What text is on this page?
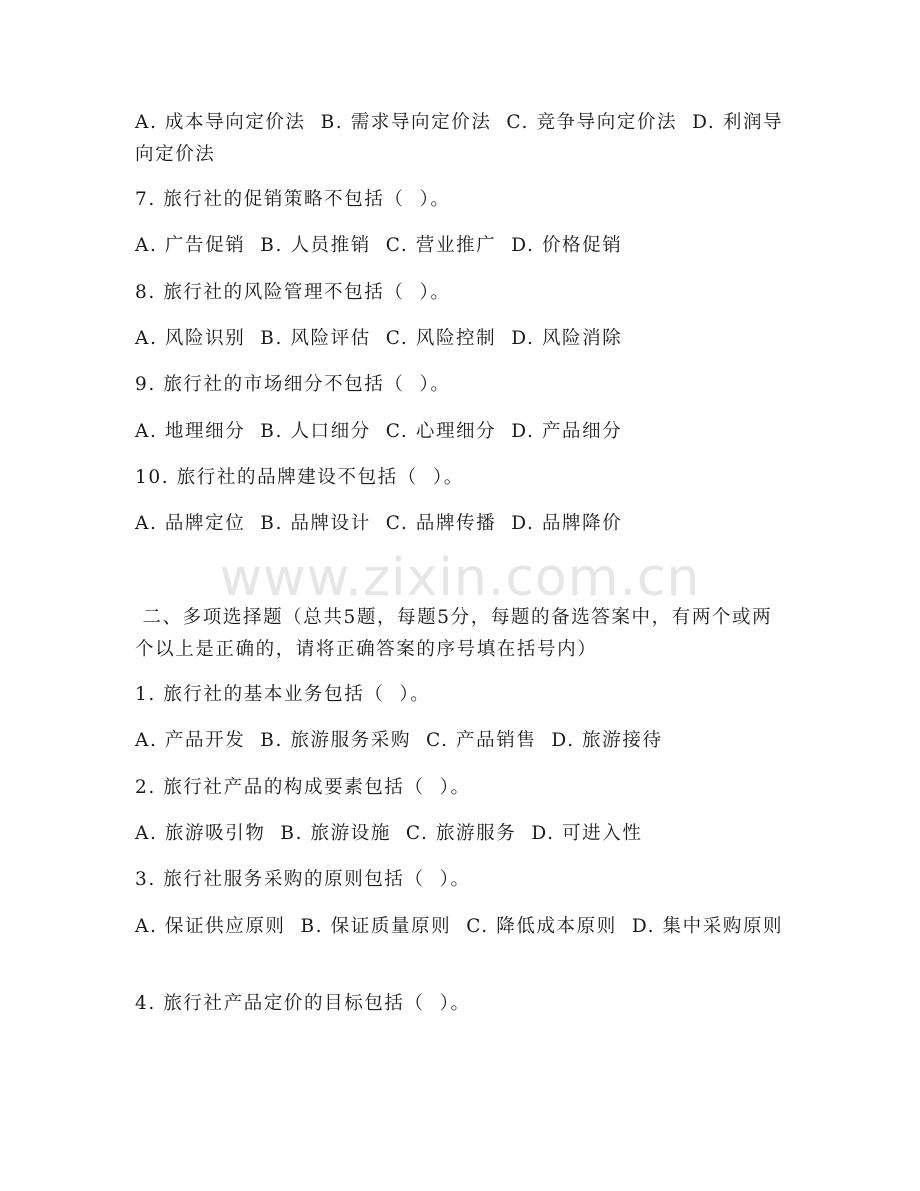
www.zixin.com.cn
A. 成本导向定价法  B. 需求导向定价法  C. 竞争导向定价法  D. 利润导向定价法
7. 旅行社的促销策略不包括（  ）。
A. 广告促销  B. 人员推销  C. 营业推广  D. 价格促销
8. 旅行社的风险管理不包括（  ）。
A. 风险识别  B. 风险评估  C. 风险控制  D. 风险消除
9. 旅行社的市场细分不包括（  ）。
A. 地理细分  B. 人口细分  C. 心理细分  D. 产品细分
10. 旅行社的品牌建设不包括（  ）。
A. 品牌定位  B. 品牌设计  C. 品牌传播  D. 品牌降价
二、多项选择题（总共5题，每题5分，每题的备选答案中，有两个或两个以上是正确的，请将正确答案的序号填在括号内）
1. 旅行社的基本业务包括（  ）。
A. 产品开发  B. 旅游服务采购  C. 产品销售  D. 旅游接待
2. 旅行社产品的构成要素包括（  ）。
A. 旅游吸引物  B. 旅游设施  C. 旅游服务  D. 可进入性
3. 旅行社服务采购的原则包括（  ）。
A. 保证供应原则  B. 保证质量原则  C. 降低成本原则  D. 集中采购原则
4. 旅行社产品定价的目标包括（  ）。
